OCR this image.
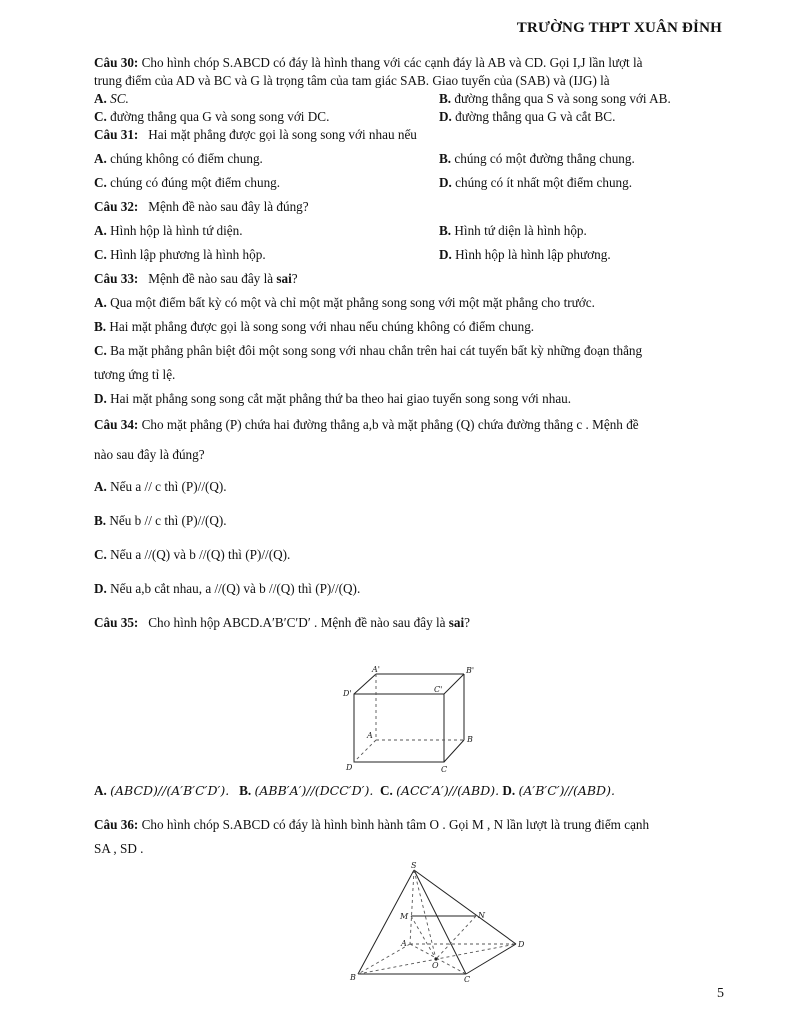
TRƯỜNG THPT XUÂN ĐỈNH

Câu 30: Cho hình chóp S.ABCD có đáy là hình thang với các cạnh đáy là AB và CD. Gọi I,J lần lượt là

trung điểm của AD và BC và G là trọng tâm của tam giác SAB. Giao tuyến của (SAB) và (IJG) là

A. SC.	B. đường thẳng qua S và song song với AB.
C. đường thẳng qua G và song song với DC.	D. đường thẳng qua G và cắt BC.

Câu 31: Hai mặt phẳng được gọi là song song với nhau nếu

A. chúng không có điểm chung.	B. chúng có một đường thẳng chung.
C. chúng có đúng một điểm chung.	D. chúng có ít nhất một điểm chung.

Câu 32: Mệnh đề nào sau đây là đúng?

A. Hình hộp là hình tứ diện.	B. Hình tứ diện là hình hộp.
C. Hình lập phương là hình hộp.	D. Hình hộp là hình lập phương.

Câu 33: Mệnh đề nào sau đây là sai?

A. Qua một điểm bất kỳ có một và chỉ một mặt phẳng song song với một mặt phẳng cho trước.

B. Hai mặt phẳng được gọi là song song với nhau nếu chúng không có điểm chung.

C. Ba mặt phẳng phân biệt đôi một song song với nhau chắn trên hai cát tuyến bất kỳ những đoạn thẳng

tương ứng tỉ lệ.

D. Hai mặt phẳng song song cắt mặt phẳng thứ ba theo hai giao tuyến song song với nhau.

Câu 34: Cho mặt phẳng (P) chứa hai đường thẳng a,b và mặt phẳng (Q) chứa đường thẳng c . Mệnh đề

nào sau đây là đúng?

A. Nếu a // c thì (P)//(Q).

B. Nếu b // c thì (P)//(Q).

C. Nếu a //(Q) và b //(Q) thì (P)//(Q).

D. Nếu a,b cắt nhau, a //(Q) và b //(Q) thì (P)//(Q).

Câu 35: Cho hình hộp ABCD.A′B′C′D′ . Mệnh đề nào sau đây là sai?

A'	B'
D'	C'
A	B
D	C
A. (ABCD)//(A′B′C′D′). B. (ABB′A′)//(DCC′D′). C. (ACC′A′)//(ABD). D. (A′B′C′)//(ABD).

Câu 36: Cho hình chóp S.ABCD có đáy là hình bình hành tâm O . Gọi M , N lần lượt là trung điểm cạnh

SA , SD .

S
M	N
A	D
O
B	C
5
